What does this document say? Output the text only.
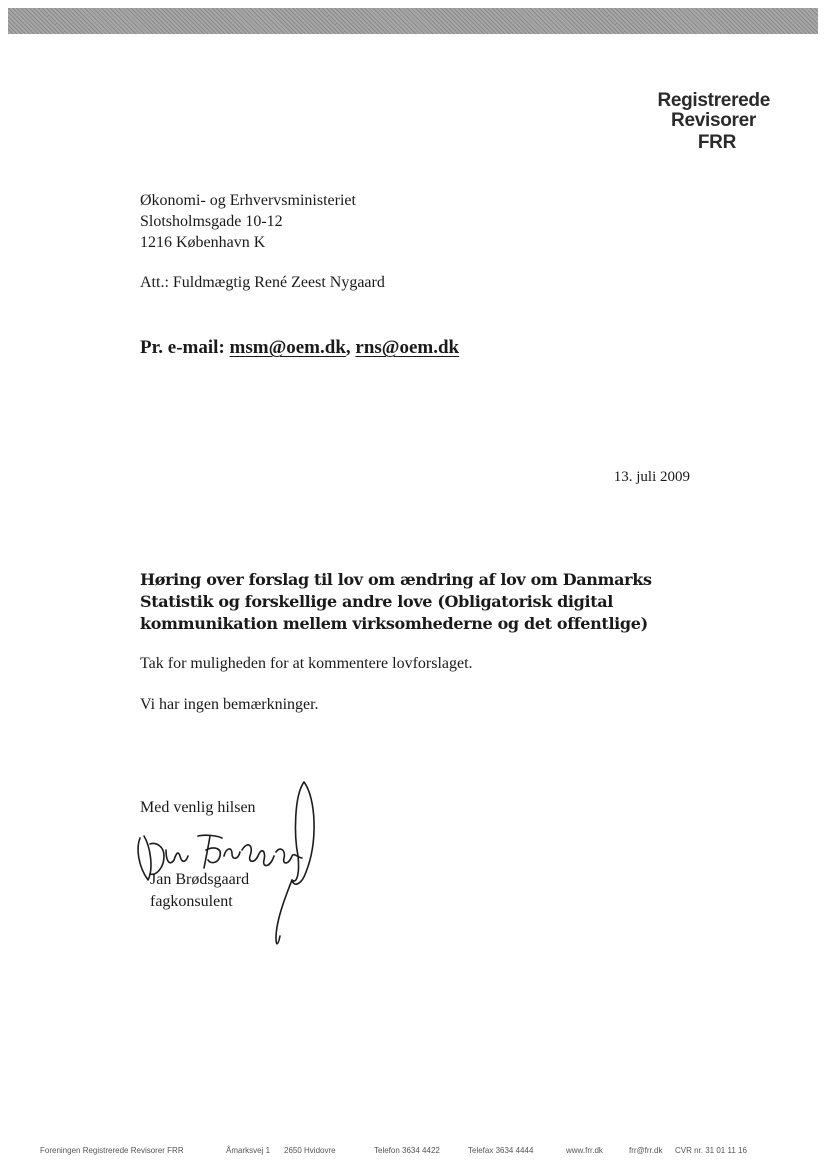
Registrerede
Revisorer
FRR
Økonomi- og Erhvervsministeriet
Slotsholmsgade 10-12
1216 København K
Att.: Fuldmægtig René Zeest Nygaard
Pr. e-mail: msm@oem.dk, rns@oem.dk
13. juli 2009
Høring over forslag til lov om ændring af lov om Danmarks Statistik og forskellige andre love (Obligatorisk digital kommunikation mellem virksomhederne og det offentlige)
Tak for muligheden for at kommentere lovforslaget.
Vi har ingen bemærkninger.
Med venlig hilsen
Jan Brødsgaard
fagkonsulent
Foreningen Registrerede Revisorer FRR	Åmarksvej 1 2650 Hvidovre	Telefon 3634 4422	Telefax 3634 4444	www.frr.dk	frr@frr.dk CVR nr. 31 01 11 16
